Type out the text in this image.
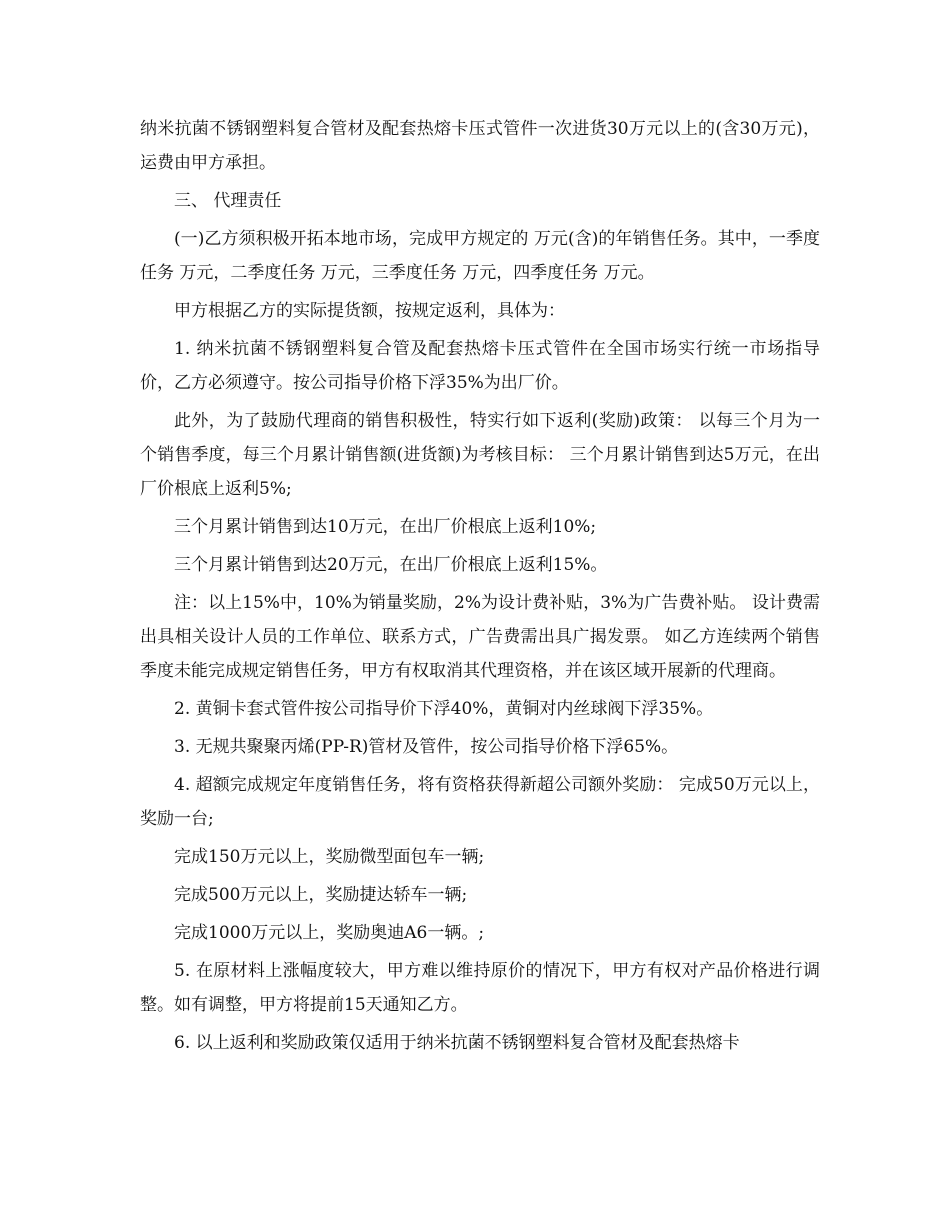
纳米抗菌不锈钢塑料复合管材及配套热熔卡压式管件一次进货30万元以上的(含30万元)，运费由甲方承担。

三、 代理责任

(一)乙方须积极开拓本地市场，完成甲方规定的 万元(含)的年销售任务。其中，一季度任务 万元，二季度任务 万元，三季度任务 万元，四季度任务 万元。

甲方根据乙方的实际提货额，按规定返利，具体为：

1. 纳米抗菌不锈钢塑料复合管及配套热熔卡压式管件在全国市场实行统一市场指导价，乙方必须遵守。按公司指导价格下浮35%为出厂价。

此外，为了鼓励代理商的销售积极性，特实行如下返利(奖励)政策： 以每三个月为一个销售季度，每三个月累计销售额(进货额)为考核目标： 三个月累计销售到达5万元，在出厂价根底上返利5%;

三个月累计销售到达10万元，在出厂价根底上返利10%;

三个月累计销售到达20万元，在出厂价根底上返利15%。

注：以上15%中，10%为销量奖励，2%为设计费补贴，3%为广告费补贴。 设计费需出具相关设计人员的工作单位、联系方式，广告费需出具广揭发票。 如乙方连续两个销售季度未能完成规定销售任务，甲方有权取消其代理资格，并在该区域开展新的代理商。

2. 黄铜卡套式管件按公司指导价下浮40%，黄铜对内丝球阀下浮35%。

3. 无规共聚聚丙烯(PP-R)管材及管件，按公司指导价格下浮65%。

4. 超额完成规定年度销售任务，将有资格获得新超公司额外奖励： 完成50万元以上，奖励一台;

完成150万元以上，奖励微型面包车一辆;

完成500万元以上，奖励捷达轿车一辆;

完成1000万元以上，奖励奥迪A6一辆。;

5. 在原材料上涨幅度较大，甲方难以维持原价的情况下，甲方有权对产品价格进行调整。如有调整，甲方将提前15天通知乙方。

6. 以上返利和奖励政策仅适用于纳米抗菌不锈钢塑料复合管材及配套热熔卡
